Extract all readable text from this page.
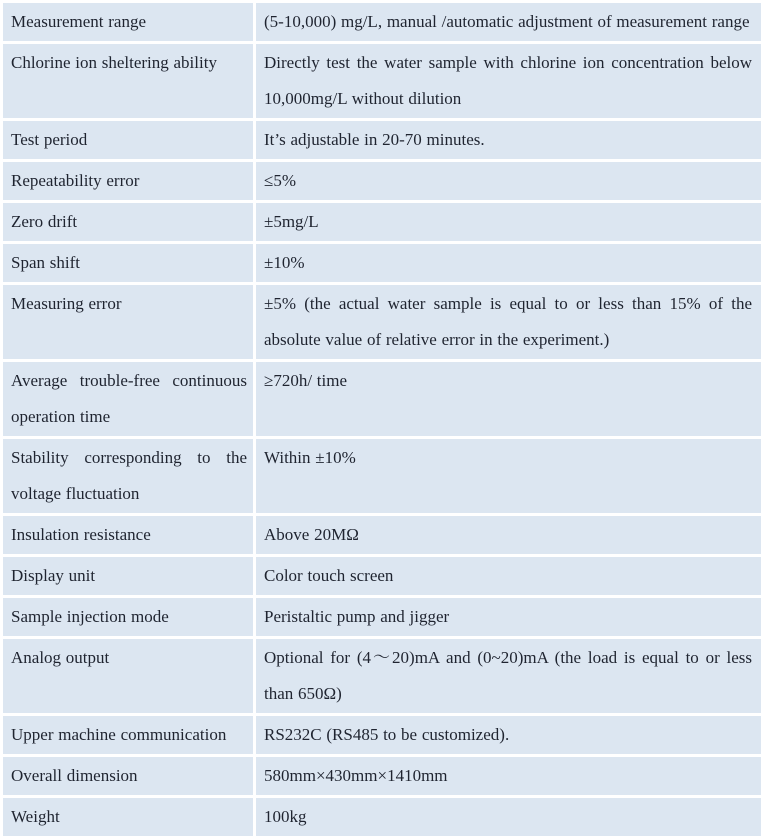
Measurement range	(5-10,000) mg/L, manual /automatic adjustment of measurement range
Chlorine ion sheltering ability	Directly test the water sample with chlorine ion concentration below 10,000mg/L without dilution
Test period	It’s adjustable in 20-70 minutes.
Repeatability error	≤5%
Zero drift	±5mg/L
Span shift	±10%
Measuring error	±5% (the actual water sample is equal to or less than 15% of the absolute value of relative error in the experiment.)
Average trouble-free continuous operation time	≥720h/ time
Stability corresponding to the voltage fluctuation	Within ±10%
Insulation resistance	Above 20MΩ
Display unit	Color touch screen
Sample injection mode	Peristaltic pump and jigger
Analog output	Optional for (4～20)mA and (0~20)mA (the load is equal to or less than 650Ω)
Upper machine communication	RS232C (RS485 to be customized).
Overall dimension	580mm×430mm×1410mm
Weight	100kg
